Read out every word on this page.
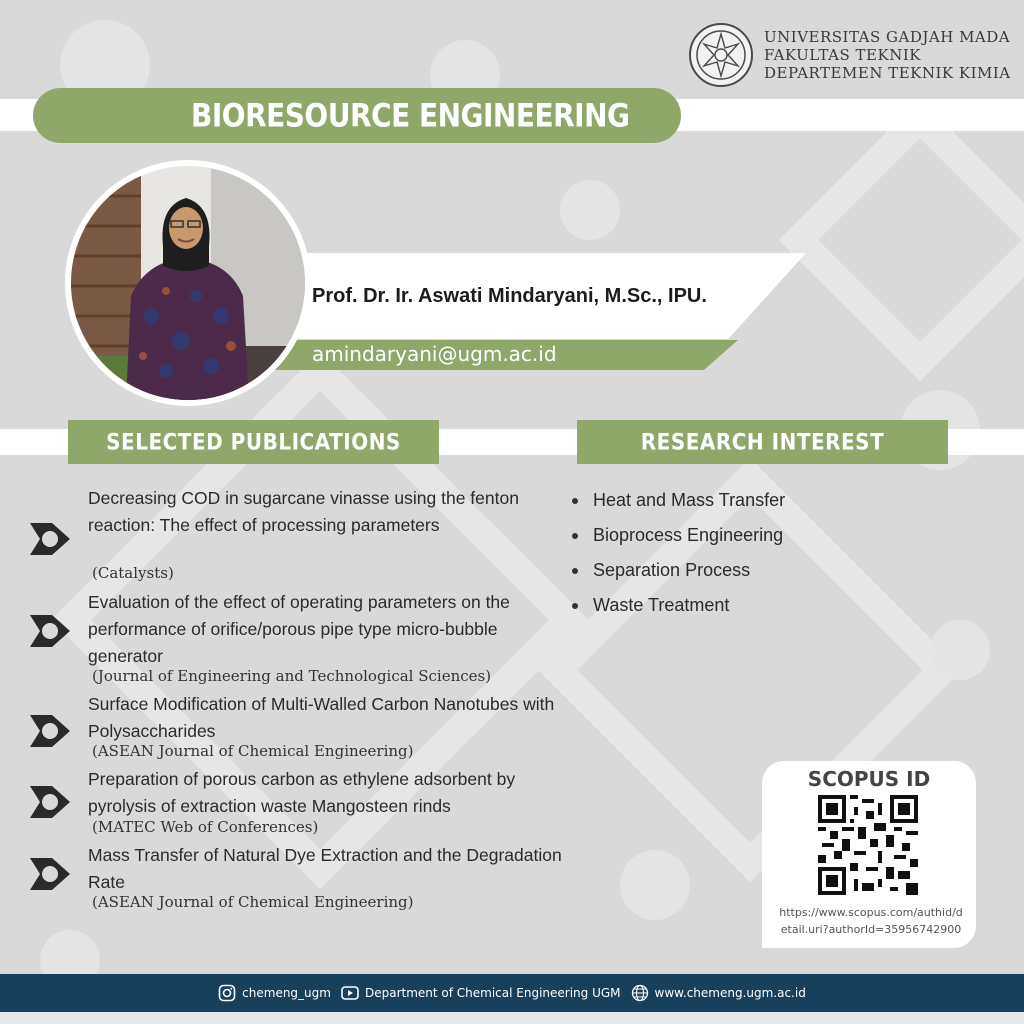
UNIVERSITAS GADJAH MADA
FAKULTAS TEKNIK
DEPARTEMEN TEKNIK KIMIA
BIORESOURCE ENGINEERING
Prof. Dr. Ir. Aswati Mindaryani, M.Sc., IPU.
amindaryani@ugm.ac.id
SELECTED PUBLICATIONS	RESEARCH INTEREST
Decreasing COD in sugarcane vinasse using the fenton reaction: The effect of processing parameters
(Catalysts)
Evaluation of the effect of operating parameters on the performance of orifice/porous pipe type micro-bubble generator
(Journal of Engineering and Technological Sciences)
Surface Modification of Multi-Walled Carbon Nanotubes with Polysaccharides
(ASEAN Journal of Chemical Engineering)
Preparation of porous carbon as ethylene adsorbent by pyrolysis of extraction waste Mangosteen rinds
(MATEC Web of Conferences)
Mass Transfer of Natural Dye Extraction and the Degradation Rate
(ASEAN Journal of Chemical Engineering)
Heat and Mass Transfer
Bioprocess Engineering
Separation Process
Waste Treatment
SCOPUS ID
https://www.scopus.com/authid/detail.uri?authorId=35956742900
chemeng_ugm	Department of Chemical Engineering UGM	www.chemeng.ugm.ac.id
